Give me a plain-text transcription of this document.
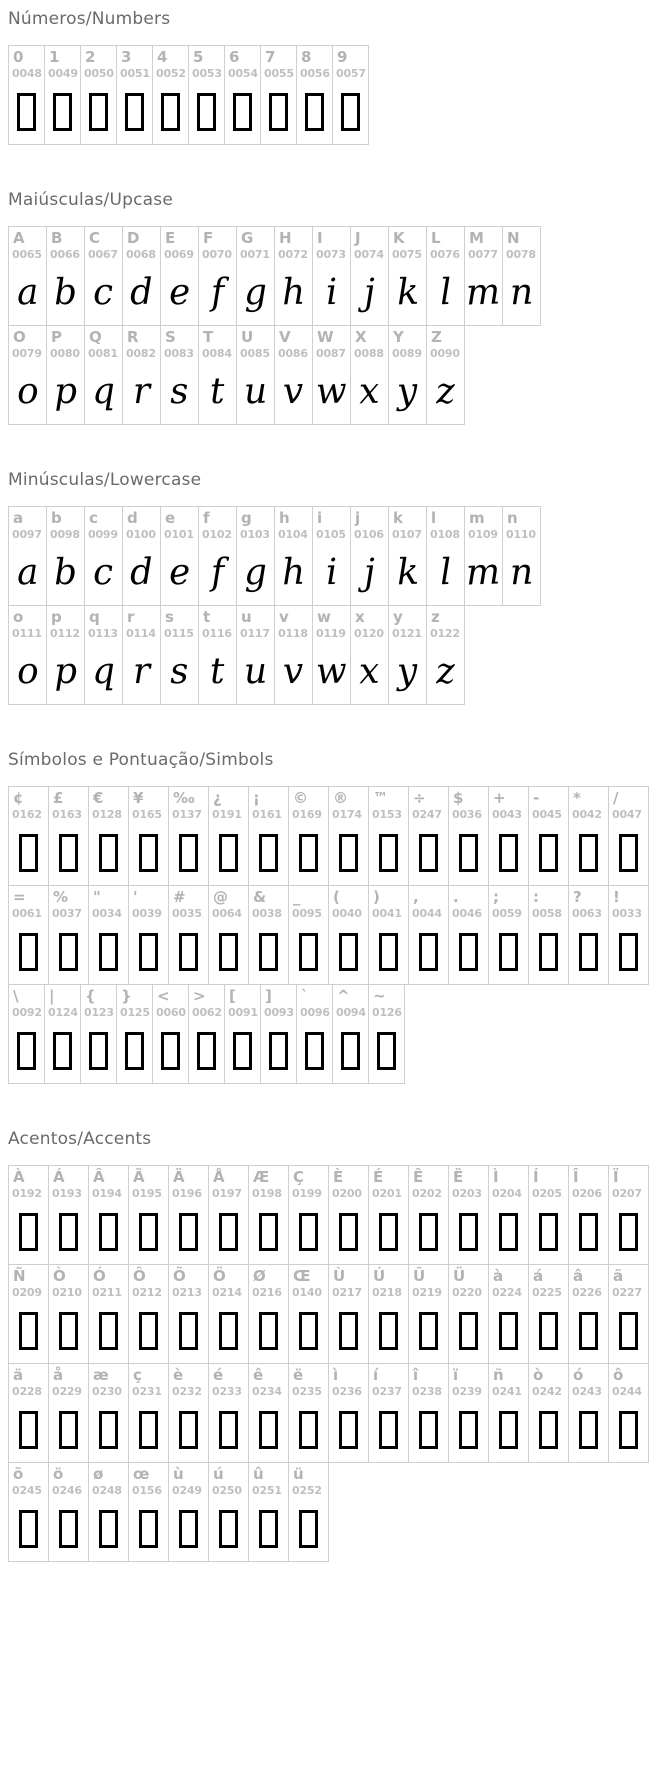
Números/Numbers
0
0048
1
0049
2
0050
3
0051
4
0052
5
0053
6
0054
7
0055
8
0056
9
0057
Maiúsculas/Upcase
A
0065
a
B
0066
b
C
0067
c
D
0068
d
E
0069
e
F
0070
f
G
0071
g
H
0072
h
I
0073
i
J
0074
j
K
0075
k
L
0076
l
M
0077
m
N
0078
n
O
0079
o
P
0080
p
Q
0081
q
R
0082
r
S
0083
s
T
0084
t
U
0085
u
V
0086
v
W
0087
w
X
0088
x
Y
0089
y
Z
0090
z
Minúsculas/Lowercase
a
0097
a
b
0098
b
c
0099
c
d
0100
d
e
0101
e
f
0102
f
g
0103
g
h
0104
h
i
0105
i
j
0106
j
k
0107
k
l
0108
l
m
0109
m
n
0110
n
o
0111
o
p
0112
p
q
0113
q
r
0114
r
s
0115
s
t
0116
t
u
0117
u
v
0118
v
w
0119
w
x
0120
x
y
0121
y
z
0122
z
Símbolos e Pontuação/Simbols
¢
0162
£
0163
€
0128
¥
0165
‰
0137
¿
0191
¡
0161
©
0169
®
0174
™
0153
÷
0247
$
0036
+
0043
-
0045
*
0042
/
0047
=
0061
%
0037
"
0034
'
0039
#
0035
@
0064
&
0038
_
0095
(
0040
)
0041
,
0044
.
0046
;
0059
:
0058
?
0063
!
0033
\
0092
|
0124
{
0123
}
0125
<
0060
>
0062
[
0091
]
0093
`
0096
^
0094
~
0126
Acentos/Accents
À
0192
Á
0193
Â
0194
Ã
0195
Ä
0196
Å
0197
Æ
0198
Ç
0199
È
0200
É
0201
Ê
0202
Ë
0203
Ì
0204
Í
0205
Î
0206
Ï
0207
Ñ
0209
Ò
0210
Ó
0211
Ô
0212
Õ
0213
Ö
0214
Ø
0216
Œ
0140
Ù
0217
Ú
0218
Û
0219
Ü
0220
à
0224
á
0225
â
0226
ã
0227
ä
0228
å
0229
æ
0230
ç
0231
è
0232
é
0233
ê
0234
ë
0235
ì
0236
í
0237
î
0238
ï
0239
ñ
0241
ò
0242
ó
0243
ô
0244
õ
0245
ö
0246
ø
0248
œ
0156
ù
0249
ú
0250
û
0251
ü
0252
